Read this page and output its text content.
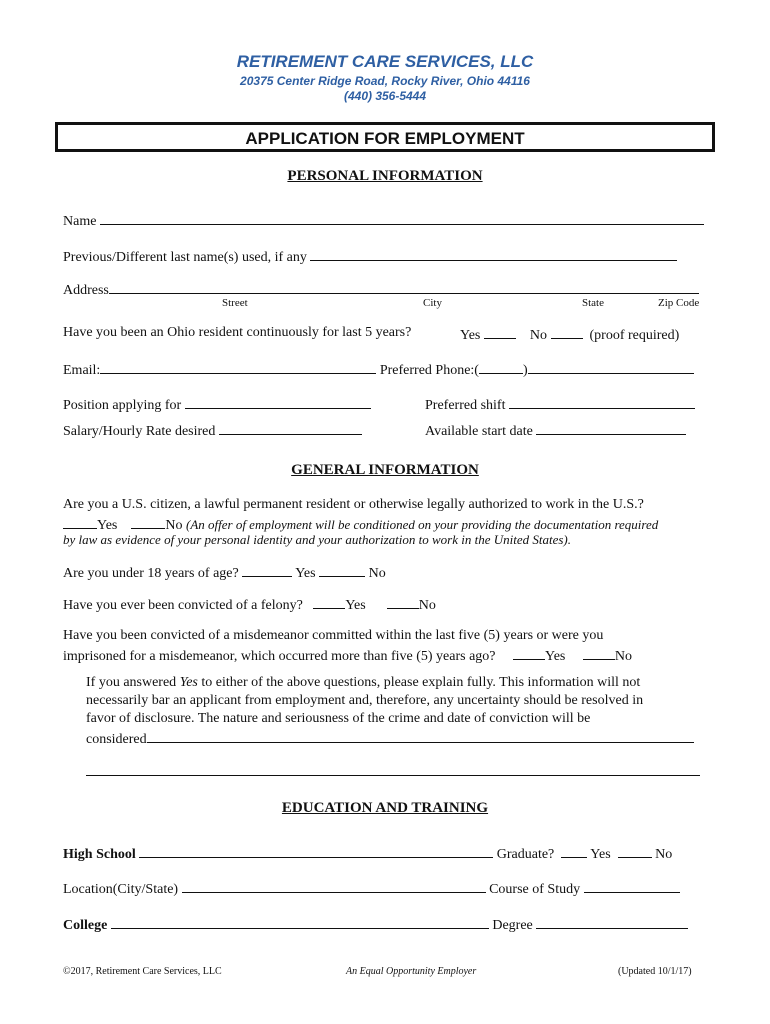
RETIREMENT CARE SERVICES, LLC
20375 Center Ridge Road, Rocky River, Ohio 44116
(440) 356-5444
APPLICATION FOR EMPLOYMENT
PERSONAL INFORMATION
Name
Previous/Different last name(s) used, if any
Address
Street	City	State	Zip Code
Have you been an Ohio resident continuously for last 5 years?	Yes	No	(proof required)
Email:	Preferred Phone:(	)
Position applying for	Preferred shift
Salary/Hourly Rate desired	Available start date
GENERAL INFORMATION
Are you a U.S. citizen, a lawful permanent resident or otherwise legally authorized to work in the U.S.?
Yes	No (An offer of employment will be conditioned on your providing the documentation required
by law as evidence of your personal identity and your authorization to work in the United States).
Are you under 18 years of age?	Yes	No
Have you ever been convicted of a felony?	Yes	No
Have you been convicted of a misdemeanor committed within the last five (5) years or were you
imprisoned for a misdemeanor, which occurred more than five (5) years ago?	Yes	No
If you answered Yes to either of the above questions, please explain fully. This information will not
necessarily bar an applicant from employment and, therefore, any uncertainty should be resolved in
favor of disclosure. The nature and seriousness of the crime and date of conviction will be
considered
EDUCATION AND TRAINING
High School	Graduate?	Yes	No
Location(City/State)	Course of Study
College	Degree
©2017, Retirement Care Services, LLC	An Equal Opportunity Employer	(Updated 10/1/17)
